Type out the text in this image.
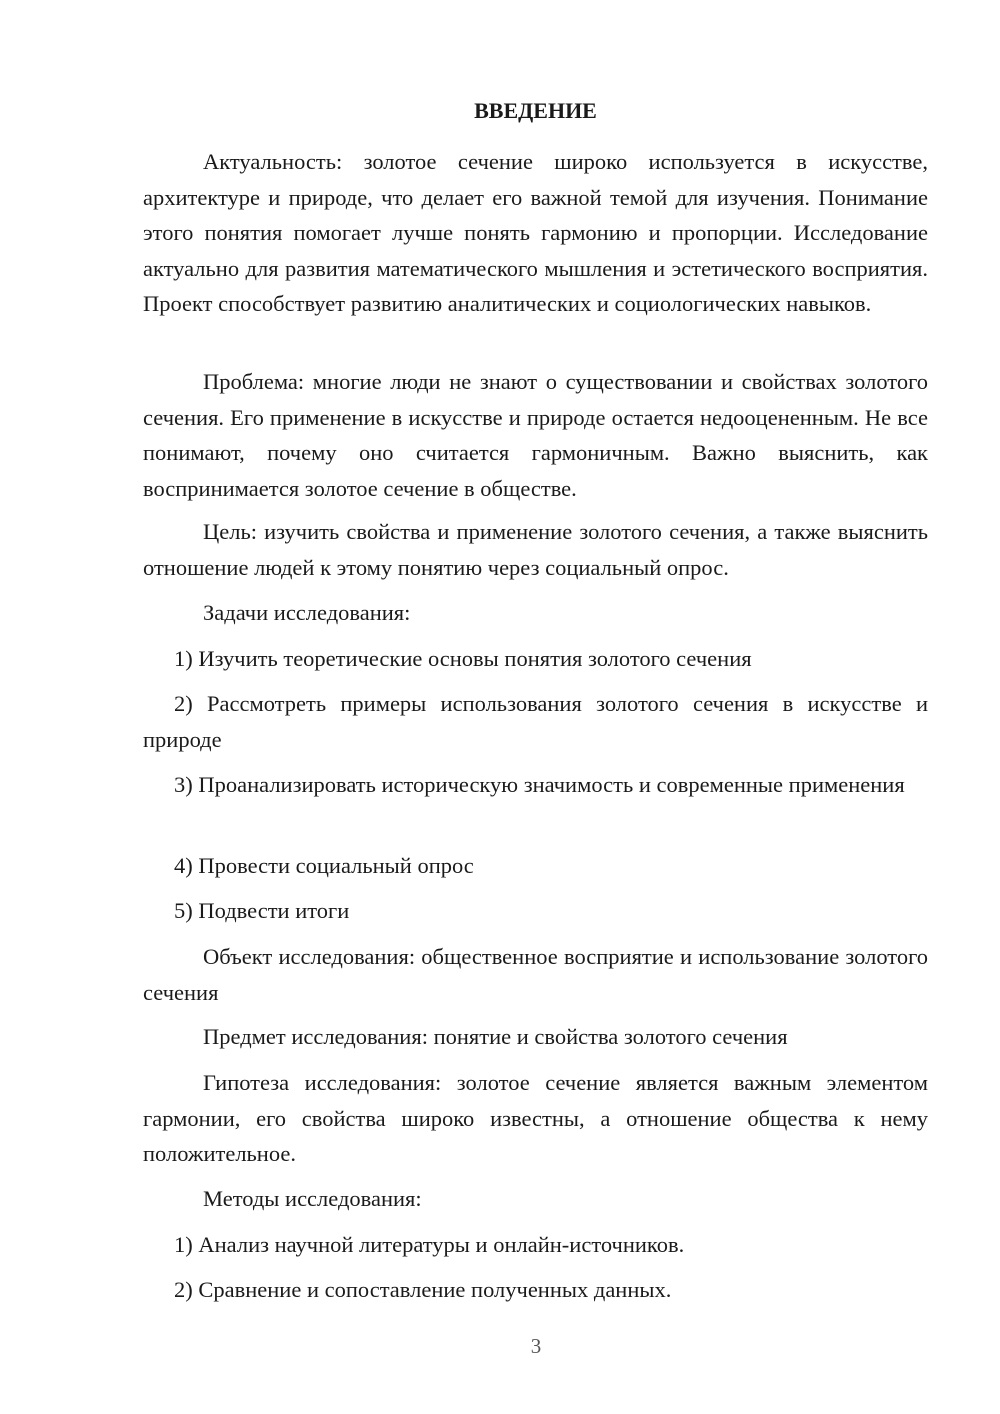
ВВЕДЕНИЕ

Актуальность: золотое сечение широко используется в искусстве, архитектуре и природе, что делает его важной темой для изучения. Понимание этого понятия помогает лучше понять гармонию и пропорции. Исследование актуально для развития математического мышления и эстетического восприятия. Проект способствует развитию аналитических и социологических навыков.

Проблема: многие люди не знают о существовании и свойствах золотого сечения. Его применение в искусстве и природе остается недооцененным. Не все понимают, почему оно считается гармоничным. Важно выяснить, как воспринимается золотое сечение в обществе.

Цель: изучить свойства и применение золотого сечения, а также выяснить отношение людей к этому понятию через социальный опрос.

Задачи исследования:

1) Изучить теоретические основы понятия золотого сечения

2) Рассмотреть примеры использования золотого сечения в искусстве и природе

3) Проанализировать историческую значимость и современные применения

4) Провести социальный опрос

5) Подвести итоги

Объект исследования: общественное восприятие и использование золотого сечения

Предмет исследования: понятие и свойства золотого сечения

Гипотеза исследования: золотое сечение является важным элементом гармонии, его свойства широко известны, а отношение общества к нему положительное.

Методы исследования:

1) Анализ научной литературы и онлайн-источников.

2) Сравнение и сопоставление полученных данных.

3
